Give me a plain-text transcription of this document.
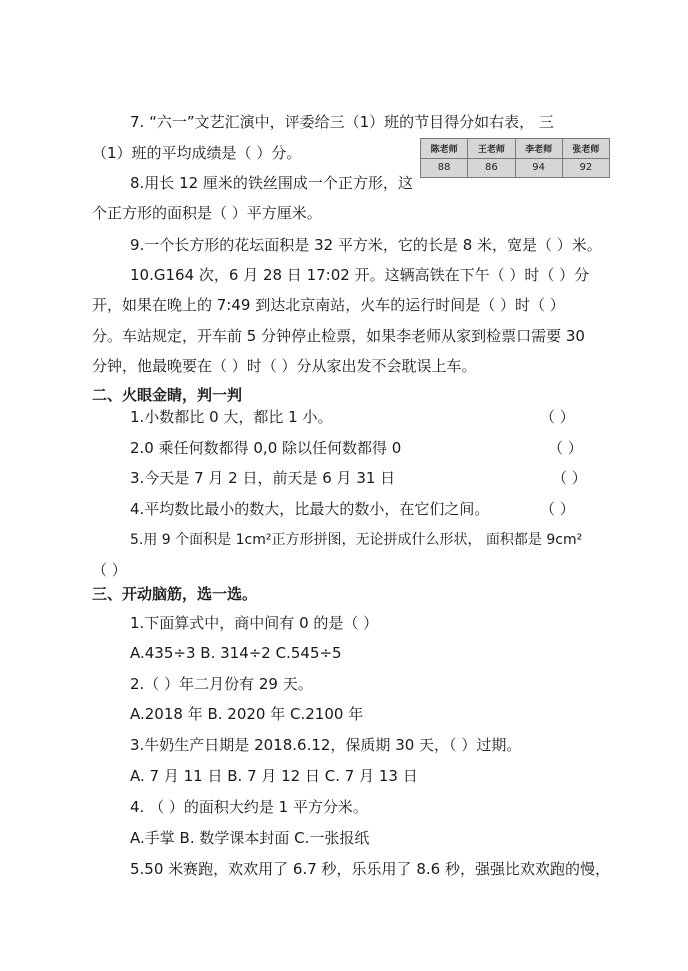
7. “六一”文艺汇演中，评委给三（1）班的节目得分如右表， 三
（1）班的平均成绩是（ ）分。	陈老师	王老师	李老师	张老师
88	86	94	92
8.用长 12 厘米的铁丝围成一个正方形，这
个正方形的面积是（ ）平方厘米。
9.一个长方形的花坛面积是 32 平方米，它的长是 8 米，宽是（ ）米。
10.G164 次，6 月 28 日 17:02 开。这辆高铁在下午（ ）时（ ）分
开，如果在晚上的 7:49 到达北京南站，火车的运行时间是（ ）时（ ）
分。车站规定，开车前 5 分钟停止检票，如果李老师从家到检票口需要 30
分钟，他最晚要在（ ）时（ ）分从家出发不会耽误上车。
二、火眼金睛，判一判
1.小数都比 0 大，都比 1 小。	（ ）
2.0 乘任何数都得 0,0 除以任何数都得 0	（ ）
3.今天是 7 月 2 日，前天是 6 月 31 日	（ ）
4.平均数比最小的数大，比最大的数小，在它们之间。	（ ）
5.用 9 个面积是 1cm²正方形拼图，无论拼成什么形状， 面积都是 9cm²
（ ）
三、开动脑筋，选一选。
1.下面算式中，商中间有 0 的是（ ）
A.435÷3 B. 314÷2 C.545÷5
2.（ ）年二月份有 29 天。
A.2018 年 B. 2020 年 C.2100 年
3.牛奶生产日期是 2018.6.12，保质期 30 天，（ ）过期。
A. 7 月 11 日 B. 7 月 12 日 C. 7 月 13 日
4. （ ）的面积大约是 1 平方分米。
A.手掌 B. 数学课本封面 C.一张报纸
5.50 米赛跑，欢欢用了 6.7 秒，乐乐用了 8.6 秒，强强比欢欢跑的慢，
